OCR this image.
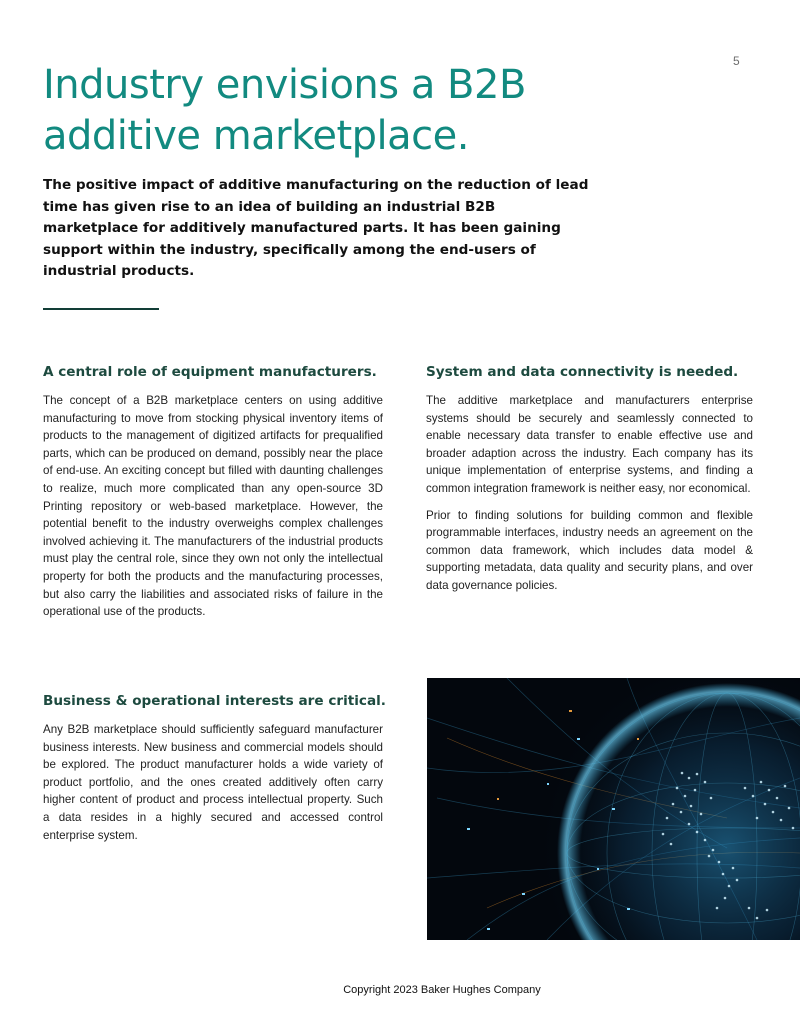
5
Industry envisions a B2B
additive marketplace.
The positive impact of additive manufacturing on the reduction of lead
time has given rise to an idea of building an industrial B2B
marketplace for additively manufactured parts. It has been gaining
support within the industry, specifically among the end-users of
industrial products.
A central role of equipment manufacturers.

The concept of a B2B marketplace centers on using additive manufacturing to move from stocking physical inventory items of products to the management of digitized artifacts for prequalified parts, which can be produced on demand, possibly near the place of end-use. An exciting concept but filled with daunting challenges to realize, much more complicated than any open-source 3D Printing repository or web-based marketplace. However, the potential benefit to the industry overweighs complex challenges involved achieving it. The manufacturers of the industrial products must play the central role, since they own not only the intellectual property for both the products and the manufacturing processes, but also carry the liabilities and associated risks of failure in the operational use of the products.

System and data connectivity is needed.

The additive marketplace and manufacturers enterprise systems should be securely and seamlessly connected to enable necessary data transfer to enable effective use and broader adaption across the industry. Each company has its unique implementation of enterprise systems, and finding a common integration framework is neither easy, nor economical.

Prior to finding solutions for building common and flexible programmable interfaces, industry needs an agreement on the common data framework, which includes data model & supporting metadata, data quality and security plans, and over data governance policies.

Business & operational interests are critical.

Any B2B marketplace should sufficiently safeguard manufacturer business interests. New business and commercial models should be explored. The product manufacturer holds a wide variety of product portfolio, and the ones created additively often carry higher content of product and process intellectual property. Such a data resides in a highly secured and accessed control enterprise system.

Copyright 2023 Baker Hughes Company
